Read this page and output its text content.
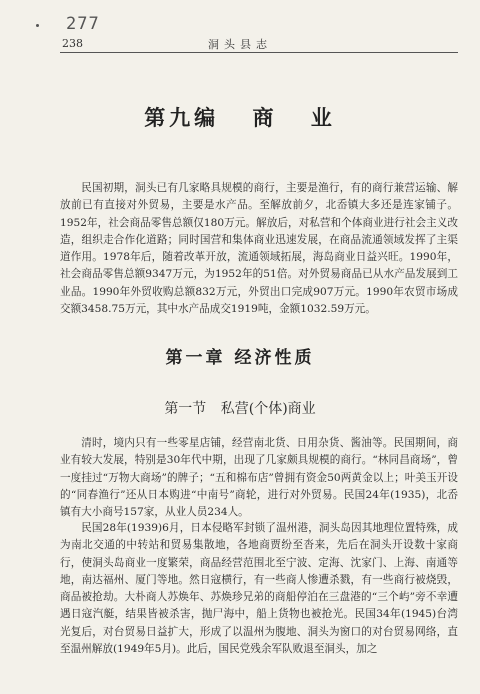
277
238	洞头县志
第九编 商 业
民国初期，洞头已有几家略具规模的商行，主要是渔行，有的商行兼营运输、解放前已有直接对外贸易，主要是水产品。至解放前夕，北岙镇大多还是连家铺子。1952年，社会商品零售总额仅180万元。解放后，对私营和个体商业进行社会主义改造，组织走合作化道路；同时国营和集体商业迅速发展，在商品流通领域发挥了主渠道作用。1978年后，随着改革开放，流通领域拓展，海岛商业日益兴旺。1990年，社会商品零售总额9347万元，为1952年的51倍。对外贸易商品已从水产品发展到工业品。1990年外贸收购总额832万元，外贸出口完成907万元。1990年农贸市场成交额3458.75万元，其中水产品成交1919吨，金额1032.59万元。
第一章 经济性质
第一节 私营(个体)商业
清时，境内只有一些零星店铺，经营南北货、日用杂货、酱油等。民国期间，商业有较大发展，特别是30年代中期，出现了几家颇具规模的商行。“林同昌商场”，曾一度挂过“万物大商场”的牌子；“五和棉布店”曾拥有资金50两黄金以上；叶美玉开设的“同春渔行”还从日本购进“中南号”商轮，进行对外贸易。民国24年(1935)，北岙镇有大小商号157家，从业人员234人。
民国28年(1939)6月，日本侵略军封锁了温州港，洞头岛因其地理位置特殊，成为南北交通的中转站和贸易集散地，各地商贾纷至沓来，先后在洞头开设数十家商行，使洞头岛商业一度繁荣，商品经营范围北至宁波、定海、沈家门、上海、南通等地，南达福州、厦门等地。然日寇横行，有一些商人惨遭杀戮，有一些商行被烧毁，商品被抢劫。大朴商人苏焕年、苏焕珍兄弟的商船停泊在三盘港的“三个屿”旁不幸遭遇日寇汽艇，结果皆被杀害，抛尸海中，船上货物也被抢光。民国34年(1945)台湾光复后，对台贸易日益扩大，形成了以温州为腹地、洞头为窗口的对台贸易网络，直至温州解放(1949年5月)。此后，国民党残余军队败退至洞头，加之
